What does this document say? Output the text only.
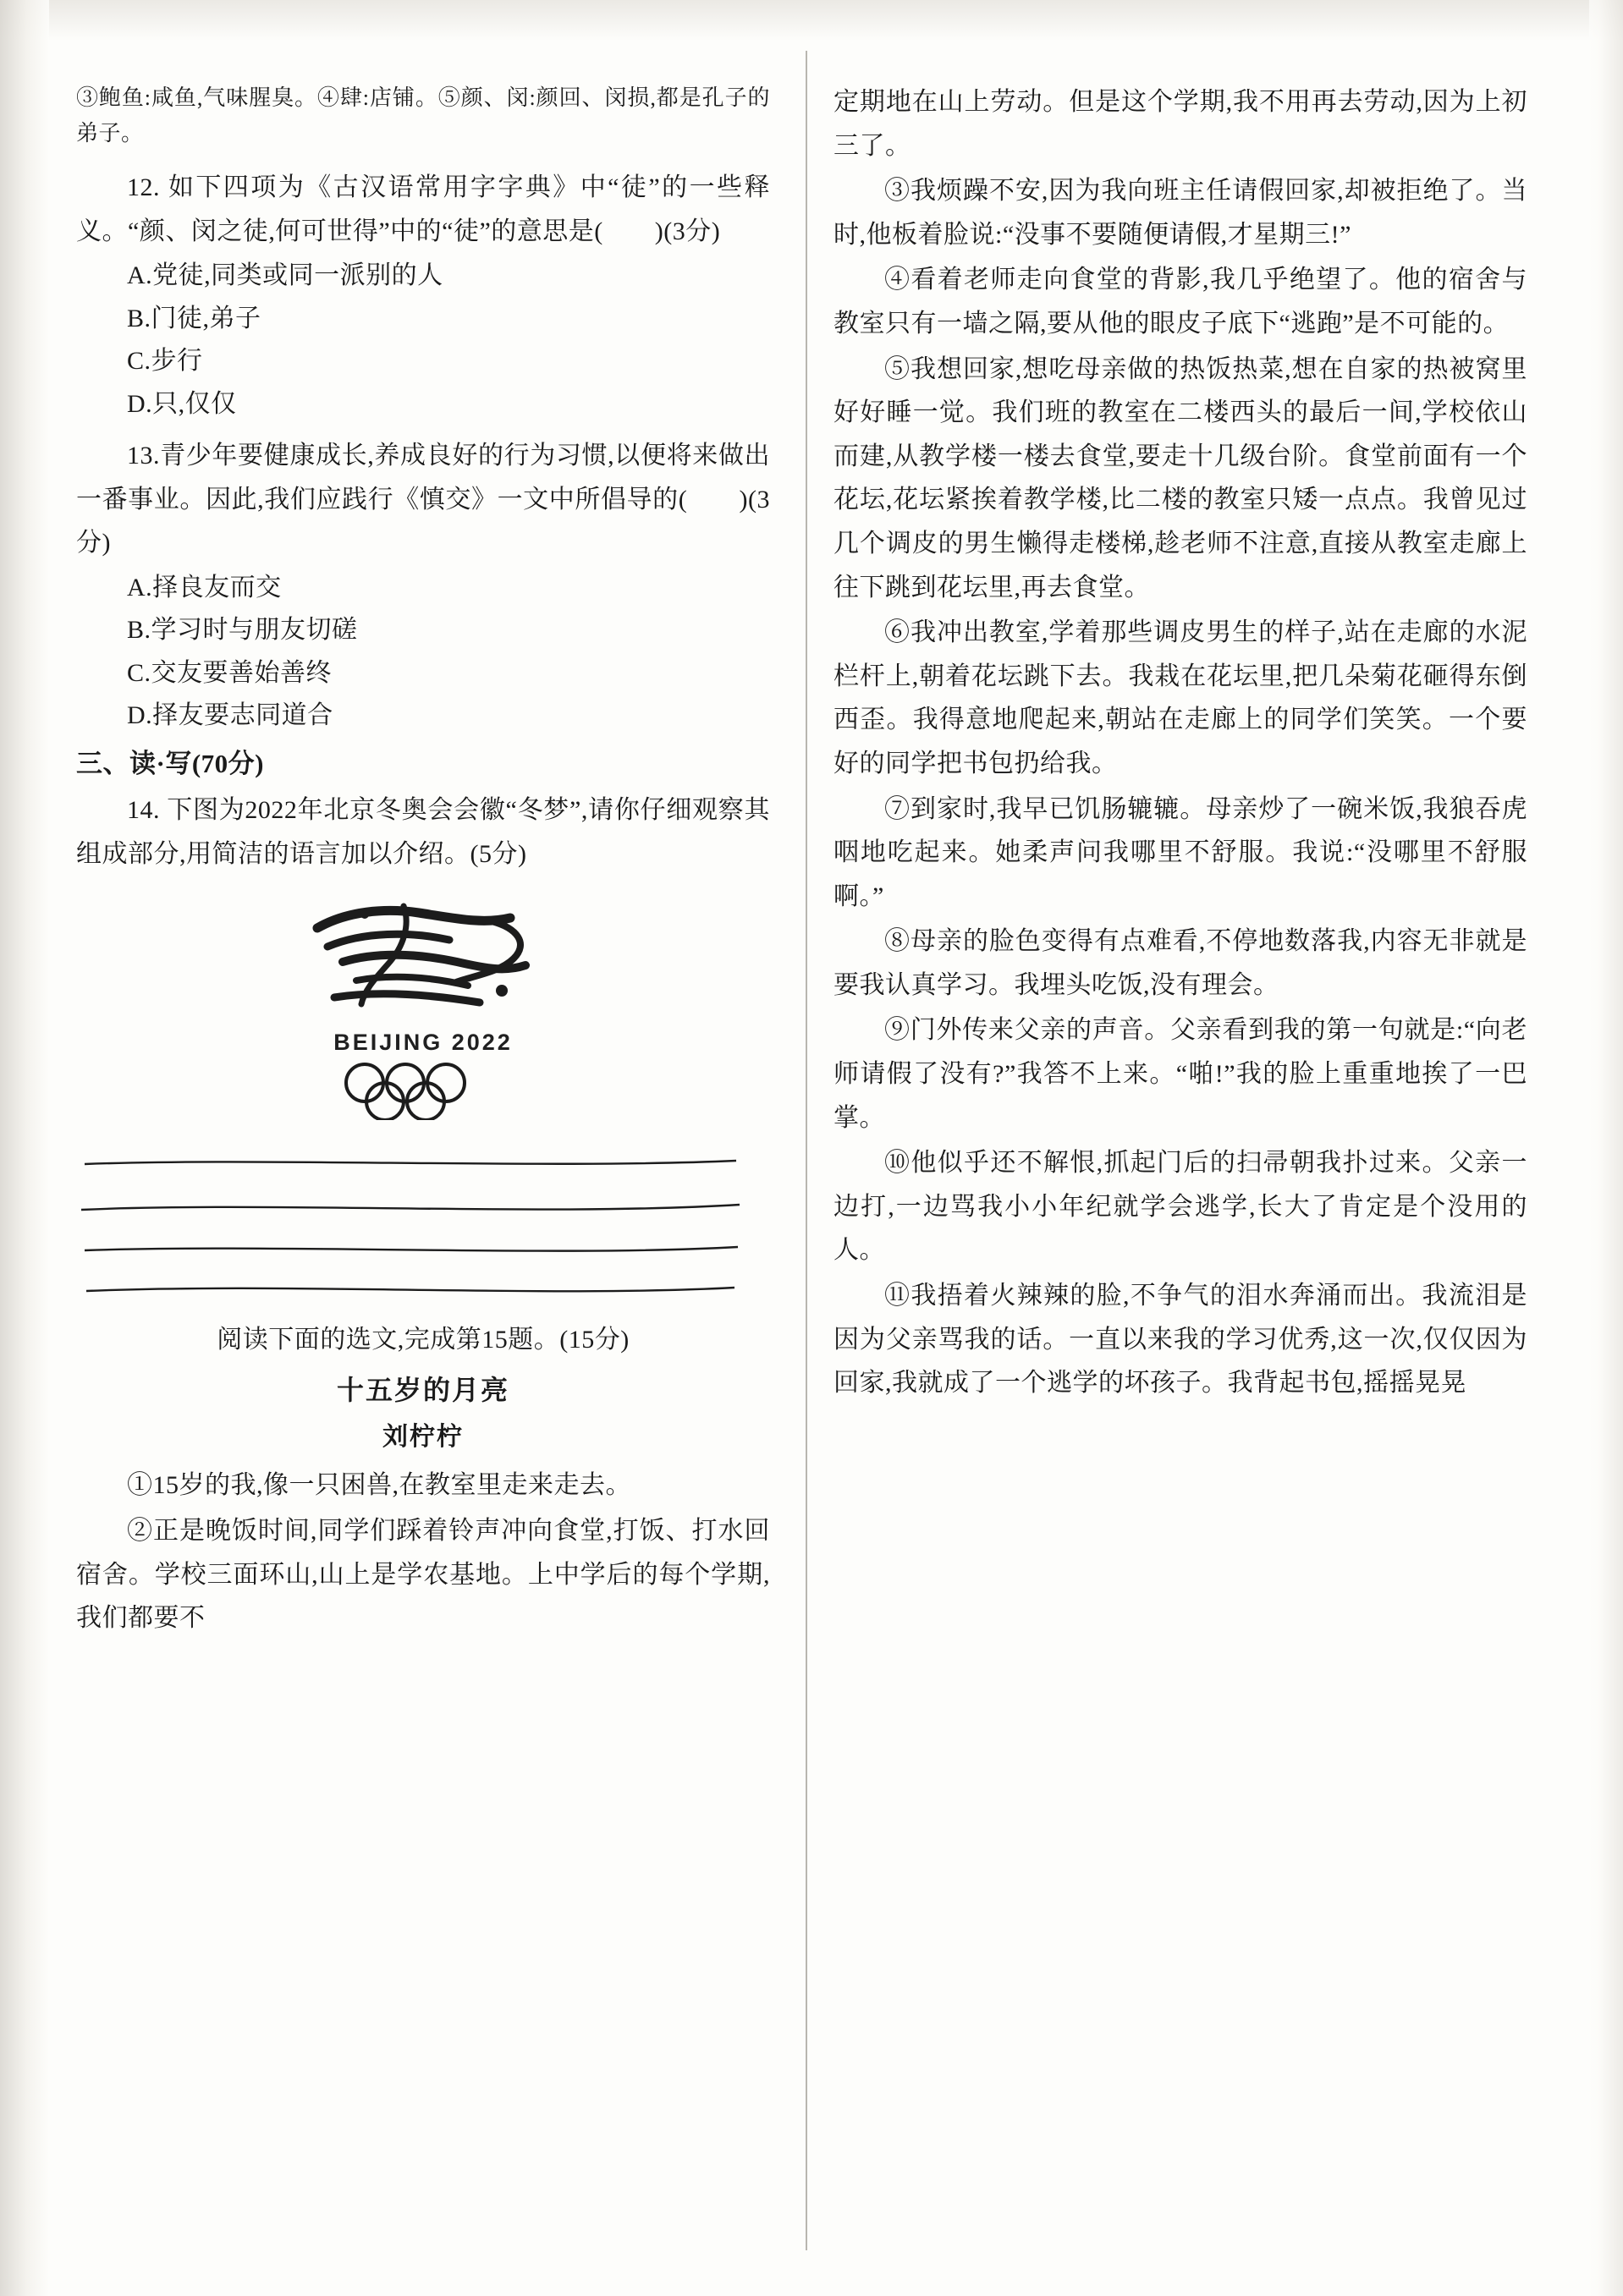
③鲍鱼:咸鱼,气味腥臭。④肆:店铺。⑤颜、闵:颜回、闵损,都是孔子的弟子。

12. 如下四项为《古汉语常用字字典》中“徒”的一些释义。“颜、闵之徒,何可世得”中的“徒”的意思是(　　)(3分)

A.党徒,同类或同一派别的人

B.门徒,弟子

C.步行

D.只,仅仅

13.青少年要健康成长,养成良好的行为习惯,以便将来做出一番事业。因此,我们应践行《慎交》一文中所倡导的(　　)(3分)

A.择良友而交

B.学习时与朋友切磋

C.交友要善始善终

D.择友要志同道合

三、读·写(70分)

14. 下图为2022年北京冬奥会会徽“冬梦”,请你仔细观察其组成部分,用简洁的语言加以介绍。(5分)

BEIJING 2022

阅读下面的选文,完成第15题。(15分)

十五岁的月亮

刘柠柠

①15岁的我,像一只困兽,在教室里走来走去。

②正是晚饭时间,同学们踩着铃声冲向食堂,打饭、打水回宿舍。学校三面环山,山上是学农基地。上中学后的每个学期,我们都要不

定期地在山上劳动。但是这个学期,我不用再去劳动,因为上初三了。

③我烦躁不安,因为我向班主任请假回家,却被拒绝了。当时,他板着脸说:“没事不要随便请假,才星期三!”

④看着老师走向食堂的背影,我几乎绝望了。他的宿舍与教室只有一墙之隔,要从他的眼皮子底下“逃跑”是不可能的。

⑤我想回家,想吃母亲做的热饭热菜,想在自家的热被窝里好好睡一觉。我们班的教室在二楼西头的最后一间,学校依山而建,从教学楼一楼去食堂,要走十几级台阶。食堂前面有一个花坛,花坛紧挨着教学楼,比二楼的教室只矮一点点。我曾见过几个调皮的男生懒得走楼梯,趁老师不注意,直接从教室走廊上往下跳到花坛里,再去食堂。

⑥我冲出教室,学着那些调皮男生的样子,站在走廊的水泥栏杆上,朝着花坛跳下去。我栽在花坛里,把几朵菊花砸得东倒西歪。我得意地爬起来,朝站在走廊上的同学们笑笑。一个要好的同学把书包扔给我。

⑦到家时,我早已饥肠辘辘。母亲炒了一碗米饭,我狼吞虎咽地吃起来。她柔声问我哪里不舒服。我说:“没哪里不舒服啊。”

⑧母亲的脸色变得有点难看,不停地数落我,内容无非就是要我认真学习。我埋头吃饭,没有理会。

⑨门外传来父亲的声音。父亲看到我的第一句就是:“向老师请假了没有?”我答不上来。“啪!”我的脸上重重地挨了一巴掌。

⑩他似乎还不解恨,抓起门后的扫帚朝我扑过来。父亲一边打,一边骂我小小年纪就学会逃学,长大了肯定是个没用的人。

⑪我捂着火辣辣的脸,不争气的泪水奔涌而出。我流泪是因为父亲骂我的话。一直以来我的学习优秀,这一次,仅仅因为回家,我就成了一个逃学的坏孩子。我背起书包,摇摇晃晃
